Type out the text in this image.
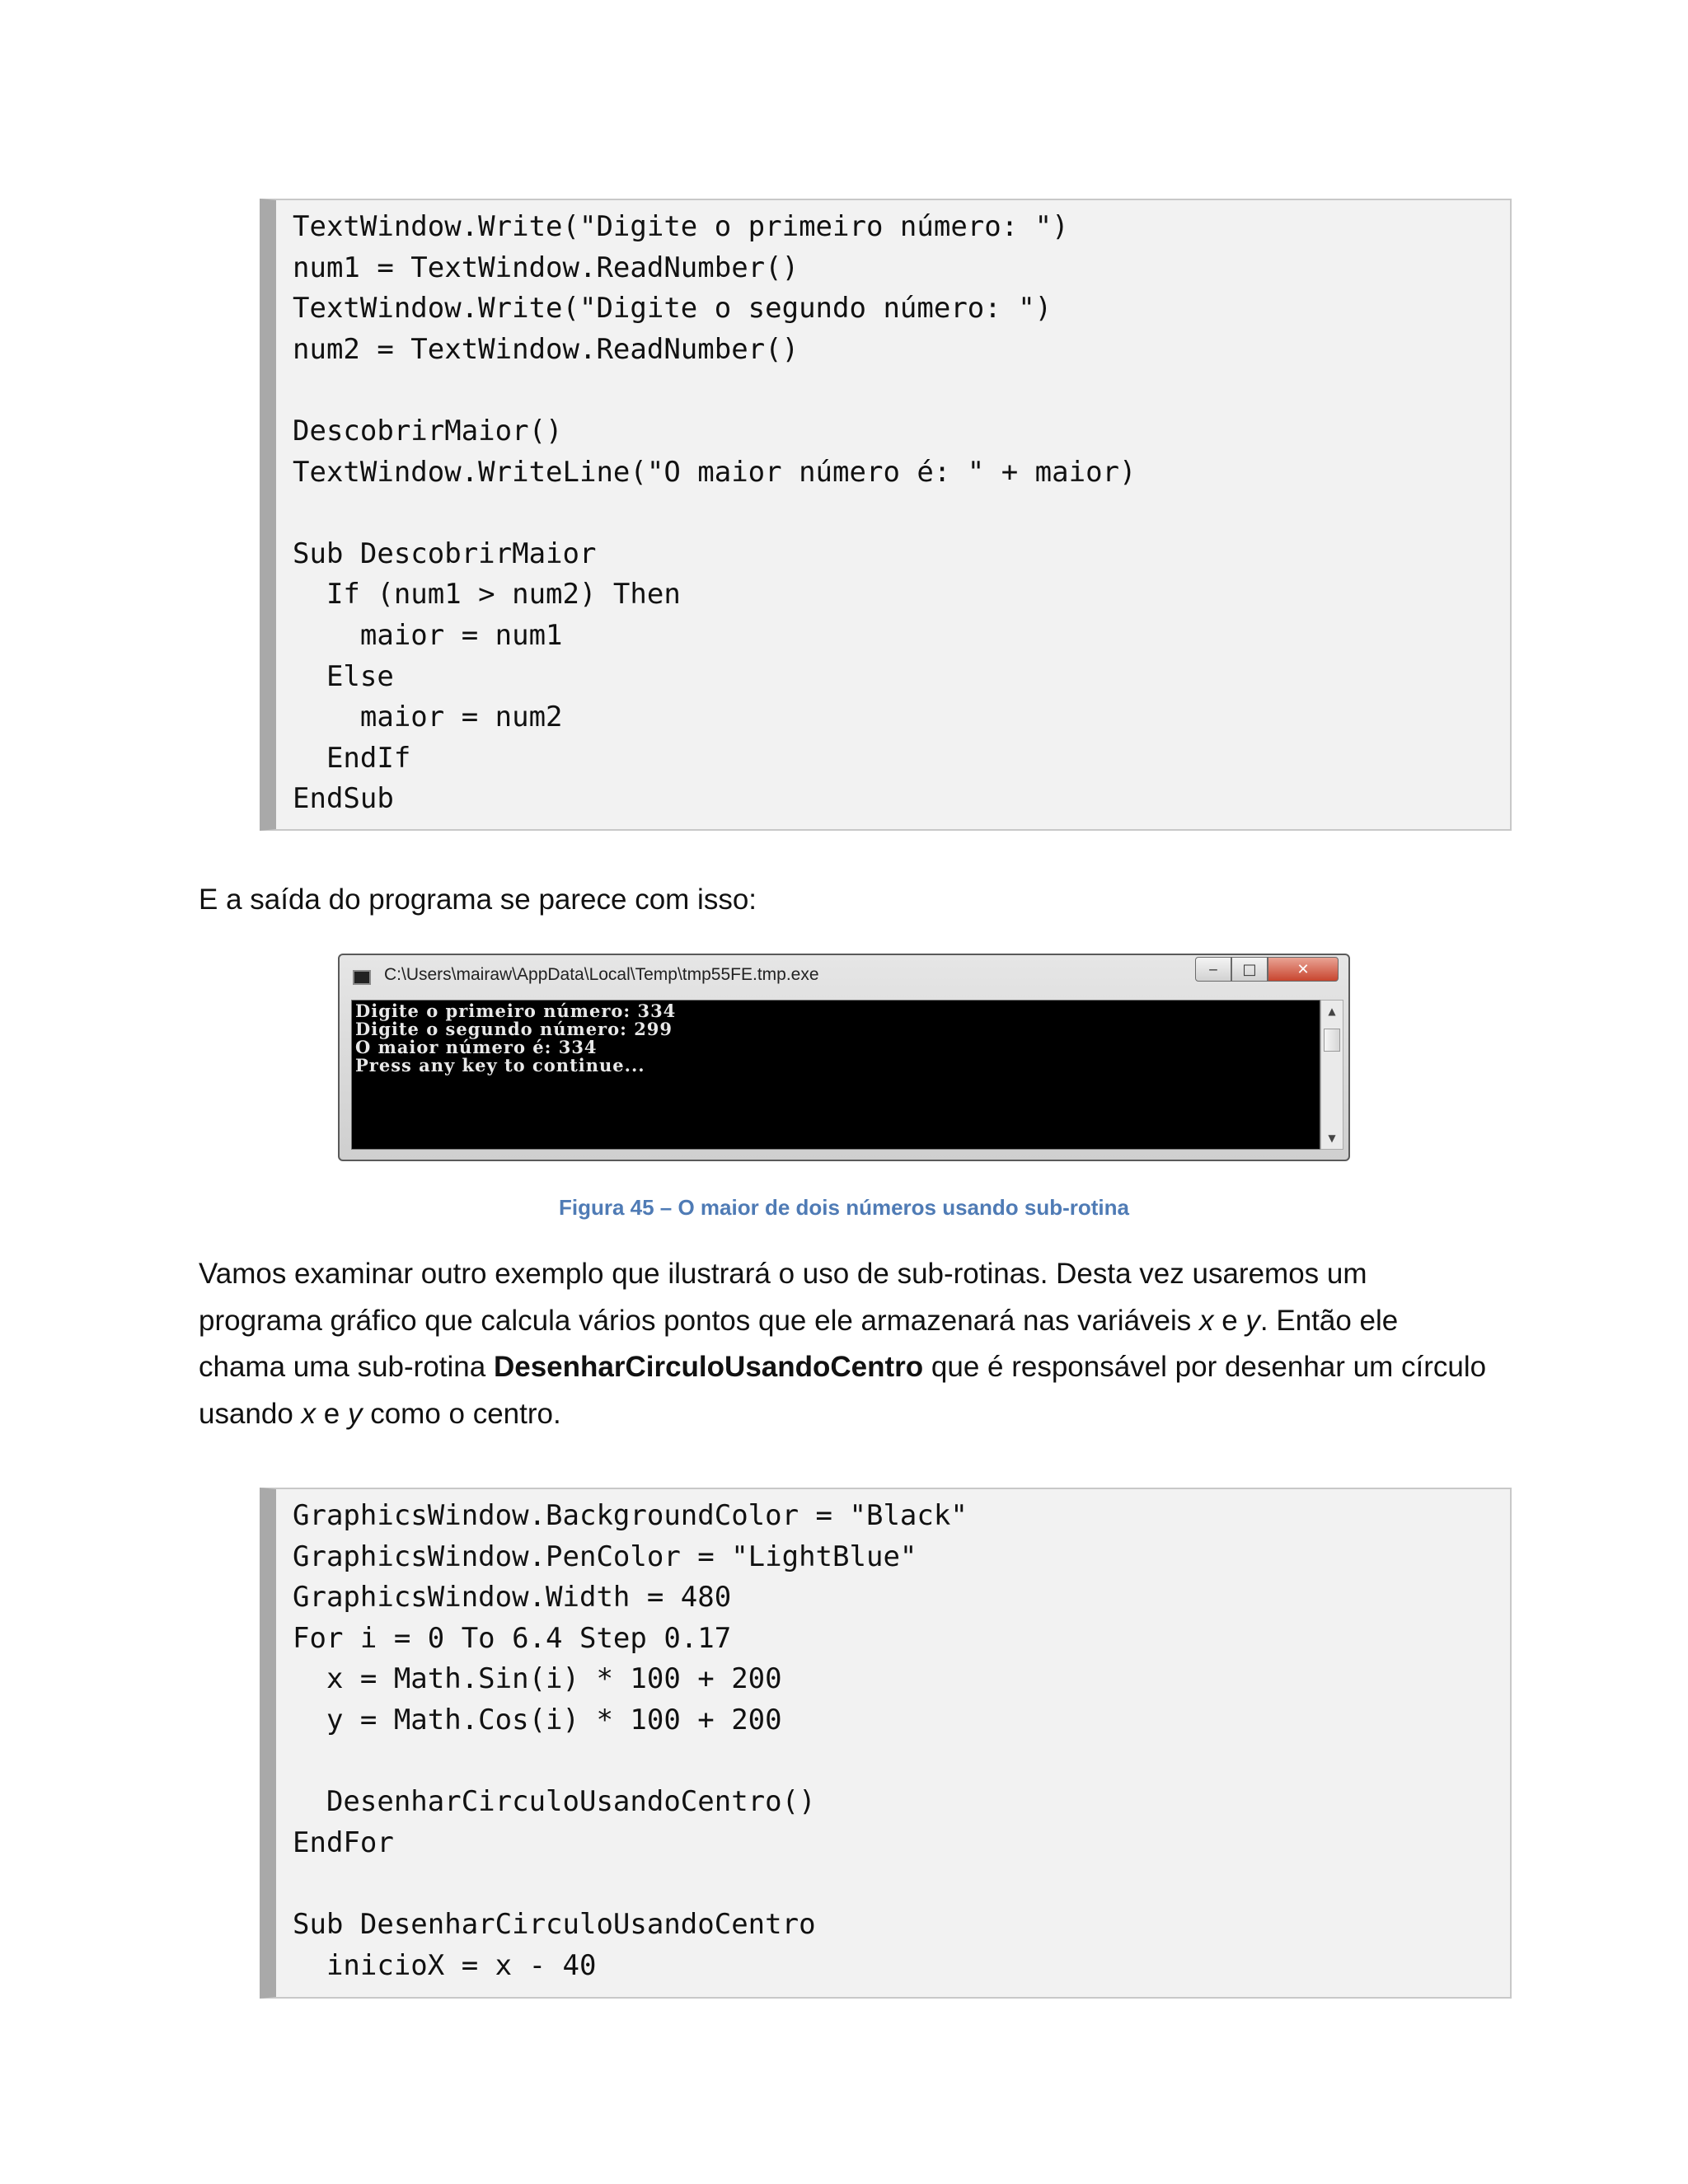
TextWindow.Write("Digite o primeiro número: ")
num1 = TextWindow.ReadNumber()
TextWindow.Write("Digite o segundo número: ")
num2 = TextWindow.ReadNumber()
DescobrirMaior()
TextWindow.WriteLine("O maior número é: " + maior)
Sub DescobrirMaior
If (num1 > num2) Then
maior = num1
Else
maior = num2
EndIf
EndSub

E a saída do programa se parece com isso:

C:\Users\mairaw\AppData\Local\Temp\tmp55FE.tmp.exe	‒	□	✕
Digite o primeiro número: 334
Digite o segundo número: 299
O maior número é: 334
Press any key to continue...
▲
▼
Figura 45 – O maior de dois números usando sub-rotina

Vamos examinar outro exemplo que ilustrará o uso de sub-rotinas. Desta vez usaremos um programa gráfico que calcula vários pontos que ele armazenará nas variáveis x e y. Então ele chama uma sub-rotina DesenharCirculoUsandoCentro que é responsável por desenhar um círculo usando x e y como o centro.

GraphicsWindow.BackgroundColor = "Black"
GraphicsWindow.PenColor = "LightBlue"
GraphicsWindow.Width = 480
For i = 0 To 6.4 Step 0.17
x = Math.Sin(i) * 100 + 200
y = Math.Cos(i) * 100 + 200
DesenharCirculoUsandoCentro()
EndFor
Sub DesenharCirculoUsandoCentro
inicioX = x - 40
